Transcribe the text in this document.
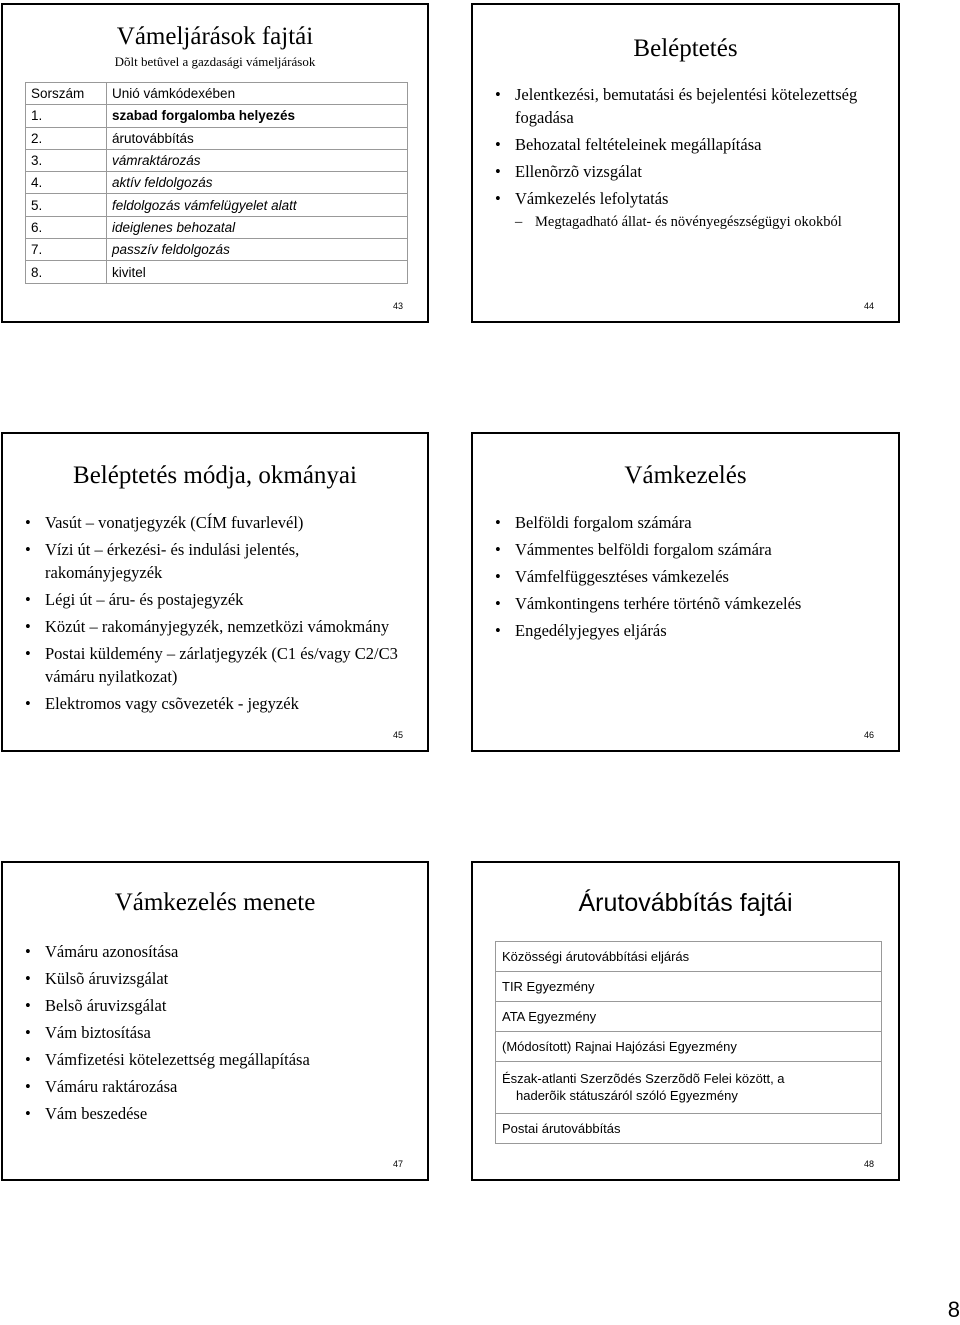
Vámeljárások fajtái
Dõlt betûvel a gazdasági vámeljárások
Sorszám	Unió vámkódexében
1.	szabad forgalomba helyezés
2.	árutovábbítás
3.	vámraktározás
4.	aktív feldolgozás
5.	feldolgozás vámfelügyelet alatt
6.	ideiglenes behozatal
7.	passzív feldolgozás
8.	kivitel
43
Beléptetés
• Jelentkezési, bemutatási és bejelentési kötelezettség fogadása
• Behozatal feltételeinek megállapítása
• Ellenõrzõ vizsgálat
• Vámkezelés lefolytatás
– Megtagadható állat- és növényegészségügyi okokból
44
Beléptetés módja, okmányai
• Vasút – vonatjegyzék (CÍM fuvarlevél)
• Vízi út – érkezési- és indulási jelentés, rakományjegyzék
• Légi út – áru- és postajegyzék
• Közút – rakományjegyzék, nemzetközi vámokmány
• Postai küldemény – zárlatjegyzék (C1 és/vagy C2/C3 vámáru nyilatkozat)
• Elektromos vagy csõvezeték - jegyzék
45
Vámkezelés
• Belföldi forgalom számára
• Vámmentes belföldi forgalom számára
• Vámfelfüggesztéses vámkezelés
• Vámkontingens terhére történõ vámkezelés
• Engedélyjegyes eljárás
46
Vámkezelés menete
• Vámáru azonosítása
• Külsõ áruvizsgálat
• Belsõ áruvizsgálat
• Vám biztosítása
• Vámfizetési kötelezettség megállapítása
• Vámáru raktározása
• Vám beszedése
47
Árutovábbítás fajtái
Közösségi árutovábbítási eljárás
TIR Egyezmény
ATA Egyezmény
(Módosított) Rajnai Hajózási Egyezmény
Észak-atlanti Szerzõdés Szerzõdõ Felei között, a
haderõik státuszáról szóló Egyezmény
Postai árutovábbítás
48
8
